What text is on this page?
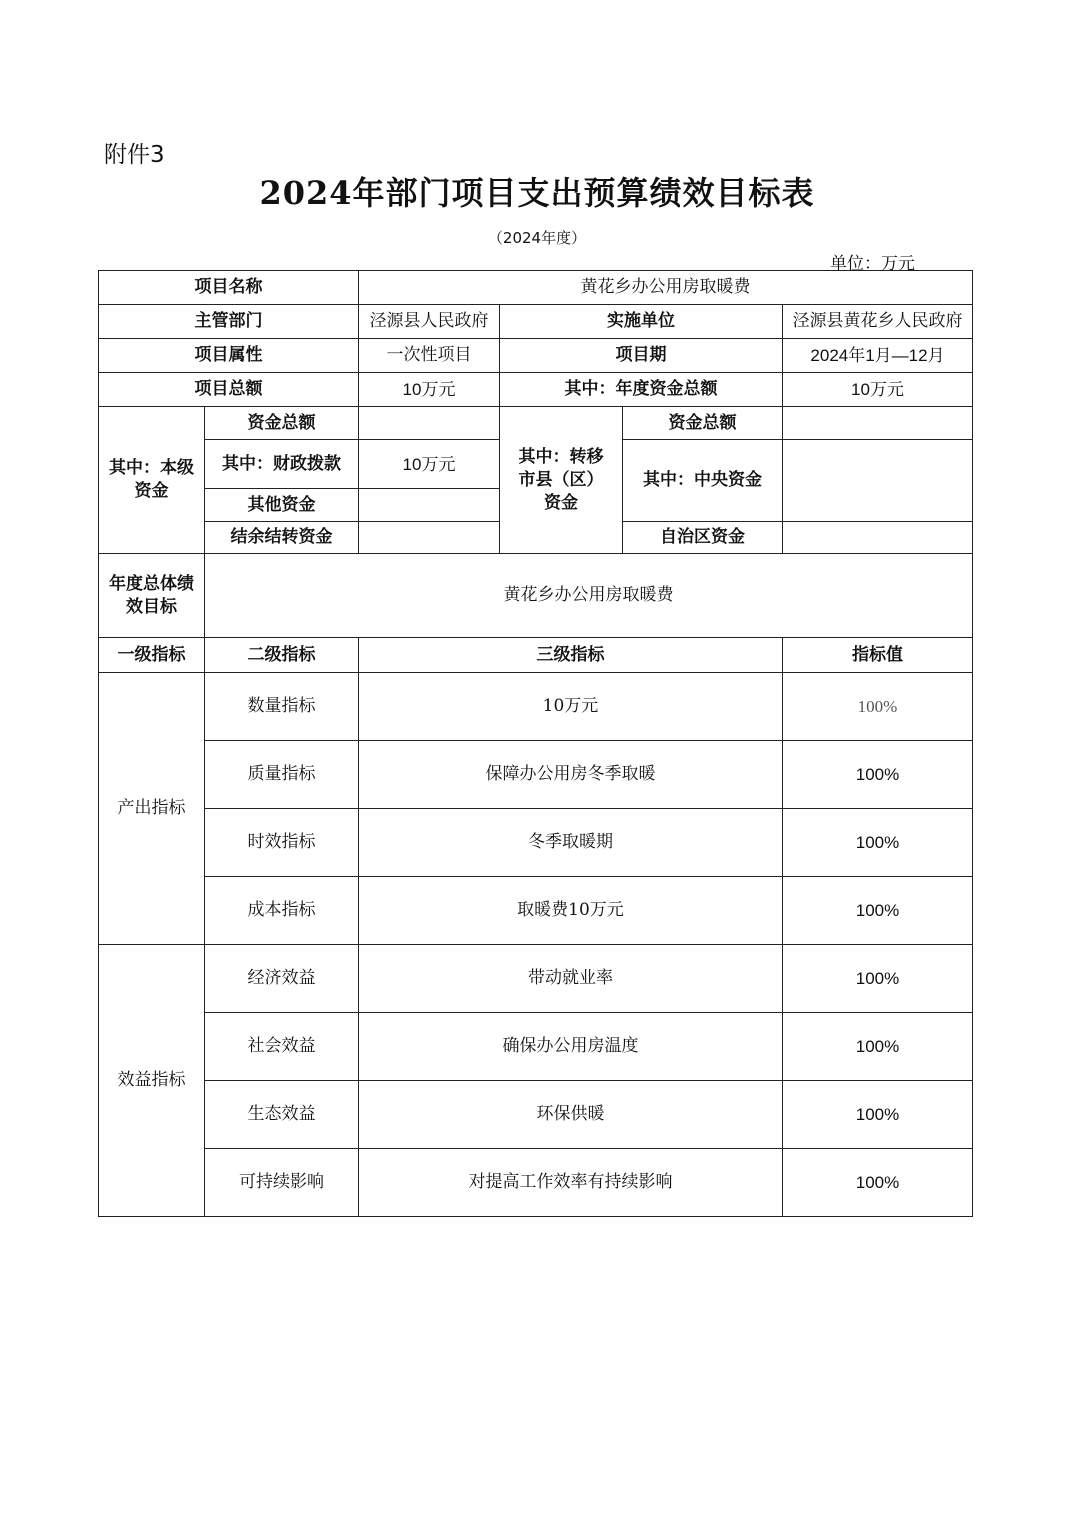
附件3
2024年部门项目支出预算绩效目标表
（2024年度）
单位：万元
项目名称		黄花乡办公用房取暖费			
主管部门		泾源县人民政府	实施单位		泾源县黄花乡人民政府
项目属性		一次性项目	项目期		2024年1月—12月
项目总额		10万元	其中：年度资金总额		10万元
其中：本级资金	资金总额		其中：转移市县（区）资金	资金总额	
	其中：财政拨款	10万元		其中：中央资金	
	其他资金				
	结余结转资金			自治区资金	
年度总体绩效目标	黄花乡办公用房取暖费				
一级指标	二级指标	三级指标			指标值
产出指标	数量指标	10万元			100%
	质量指标	保障办公用房冬季取暖			100%
	时效指标	冬季取暖期			100%
	成本指标	取暖费10万元			100%
效益指标	经济效益	带动就业率			100%
	社会效益	确保办公用房温度			100%
	生态效益	环保供暖			100%
	可持续影响	对提高工作效率有持续影响			100%
